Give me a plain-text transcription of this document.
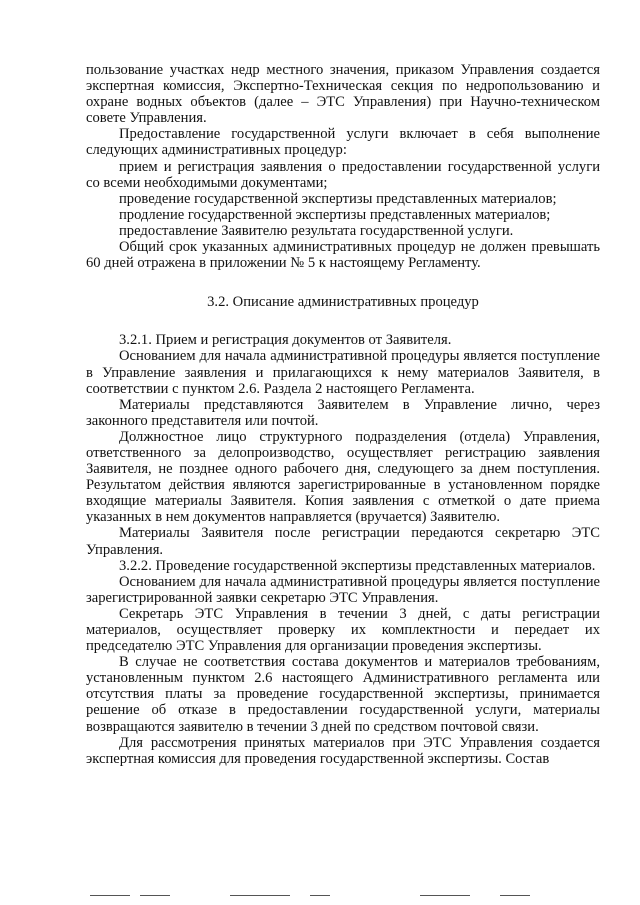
пользование участках недр местного значения, приказом Управления создается экспертная комиссия, Экспертно-Техническая секция по недропользованию и охране водных объектов (далее – ЭТС Управления) при Научно-техническом совете Управления.

Предоставление государственной услуги включает в себя выполнение следующих административных процедур:

прием и регистрация заявления о предоставлении государственной услуги со всеми необходимыми документами;

проведение государственной экспертизы представленных материалов;

продление государственной экспертизы представленных материалов;

предоставление Заявителю результата государственной услуги.

Общий срок указанных административных процедур не должен превышать 60 дней отражена в приложении № 5 к настоящему Регламенту.

3.2. Описание административных процедур

3.2.1. Прием и регистрация документов от Заявителя.

Основанием для начала административной процедуры является поступление в Управление заявления и прилагающихся к нему материалов Заявителя, в соответствии с пунктом 2.6. Раздела 2 настоящего Регламента.

Материалы представляются Заявителем в Управление лично, через законного представителя или почтой.

Должностное лицо структурного подразделения (отдела) Управления, ответственного за делопроизводство, осуществляет регистрацию заявления Заявителя, не позднее одного рабочего дня, следующего за днем поступления. Результатом действия являются зарегистрированные в установленном порядке входящие материалы Заявителя. Копия заявления с отметкой о дате приема указанных в нем документов направляется (вручается) Заявителю.

Материалы Заявителя после регистрации передаются секретарю ЭТС Управления.

3.2.2. Проведение государственной экспертизы представленных материалов.

Основанием для начала административной процедуры является поступление зарегистрированной заявки секретарю ЭТС Управления.

Секретарь ЭТС Управления в течении 3 дней, с даты регистрации материалов, осуществляет проверку их комплектности и передает их председателю ЭТС Управления для организации проведения экспертизы.

В случае не соответствия состава документов и материалов требованиям, установленным пунктом 2.6 настоящего Административного регламента или отсутствия платы за проведение государственной экспертизы, принимается решение об отказе в предоставлении государственной услуги, материалы возвращаются заявителю в течении 3 дней по средством почтовой связи.

Для рассмотрения принятых материалов при ЭТС Управления создается экспертная комиссия для проведения государственной экспертизы. Состав
